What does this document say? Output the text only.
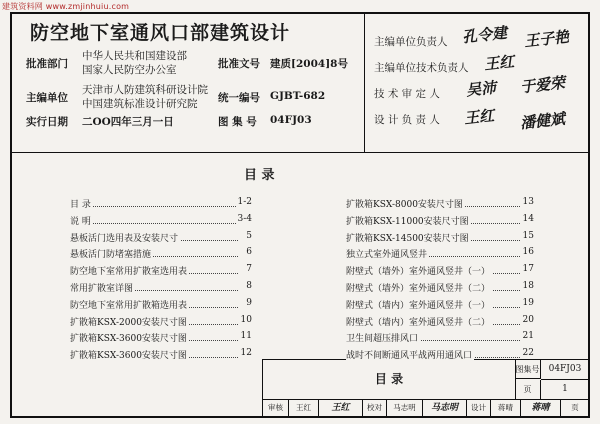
建筑资料网 www.zmjinhuiu.com
防空地下室通风口部建筑设计
批准部门
中华人民共和国建设部
国家人民防空办公室	批准文号 建质[2004]8号
主编单位
天津市人防建筑科研设计院
中国建筑标准设计研究院 统一编号 GJBT-682
实行日期 二OO四年三月一日	图 集 号 04FJ03
主编单位负责人 孔令建 王子艳
主编单位技术负责人 王红
技 术 审 定 人 吴沛 于爱荣
设 计 负 责 人 王红 潘健斌
目 录
目 录	1-2
说 明	3-4
悬板活门选用表及安装尺寸	5
悬板活门防堵塞措施	6
防空地下室常用扩散室选用表	7
常用扩散室详图	8
防空地下室常用扩散箱选用表	9
扩散箱KSX-2000安装尺寸图	10
扩散箱KSX-3600安装尺寸图	11
扩散箱KSX-3600安装尺寸图	12
扩散箱KSX-8000安装尺寸图	13
扩散箱KSX-11000安装尺寸图	14
扩散箱KSX-14500安装尺寸图	15
独立式室外通风竖井	16
附壁式（墙外）室外通风竖井（一）	17
附壁式（墙外）室外通风竖井（二）	18
附壁式（墙内）室外通风竖井（一）	19
附壁式（墙内）室外通风竖井（二）	20
卫生间超压排风口	21
战时不间断通风平战两用通风口	22
目 录
图集号	04FJ03
页	1
审核	王红	王红	校对	马志明	马志明	设计	蒋晴	蒋晴	页
